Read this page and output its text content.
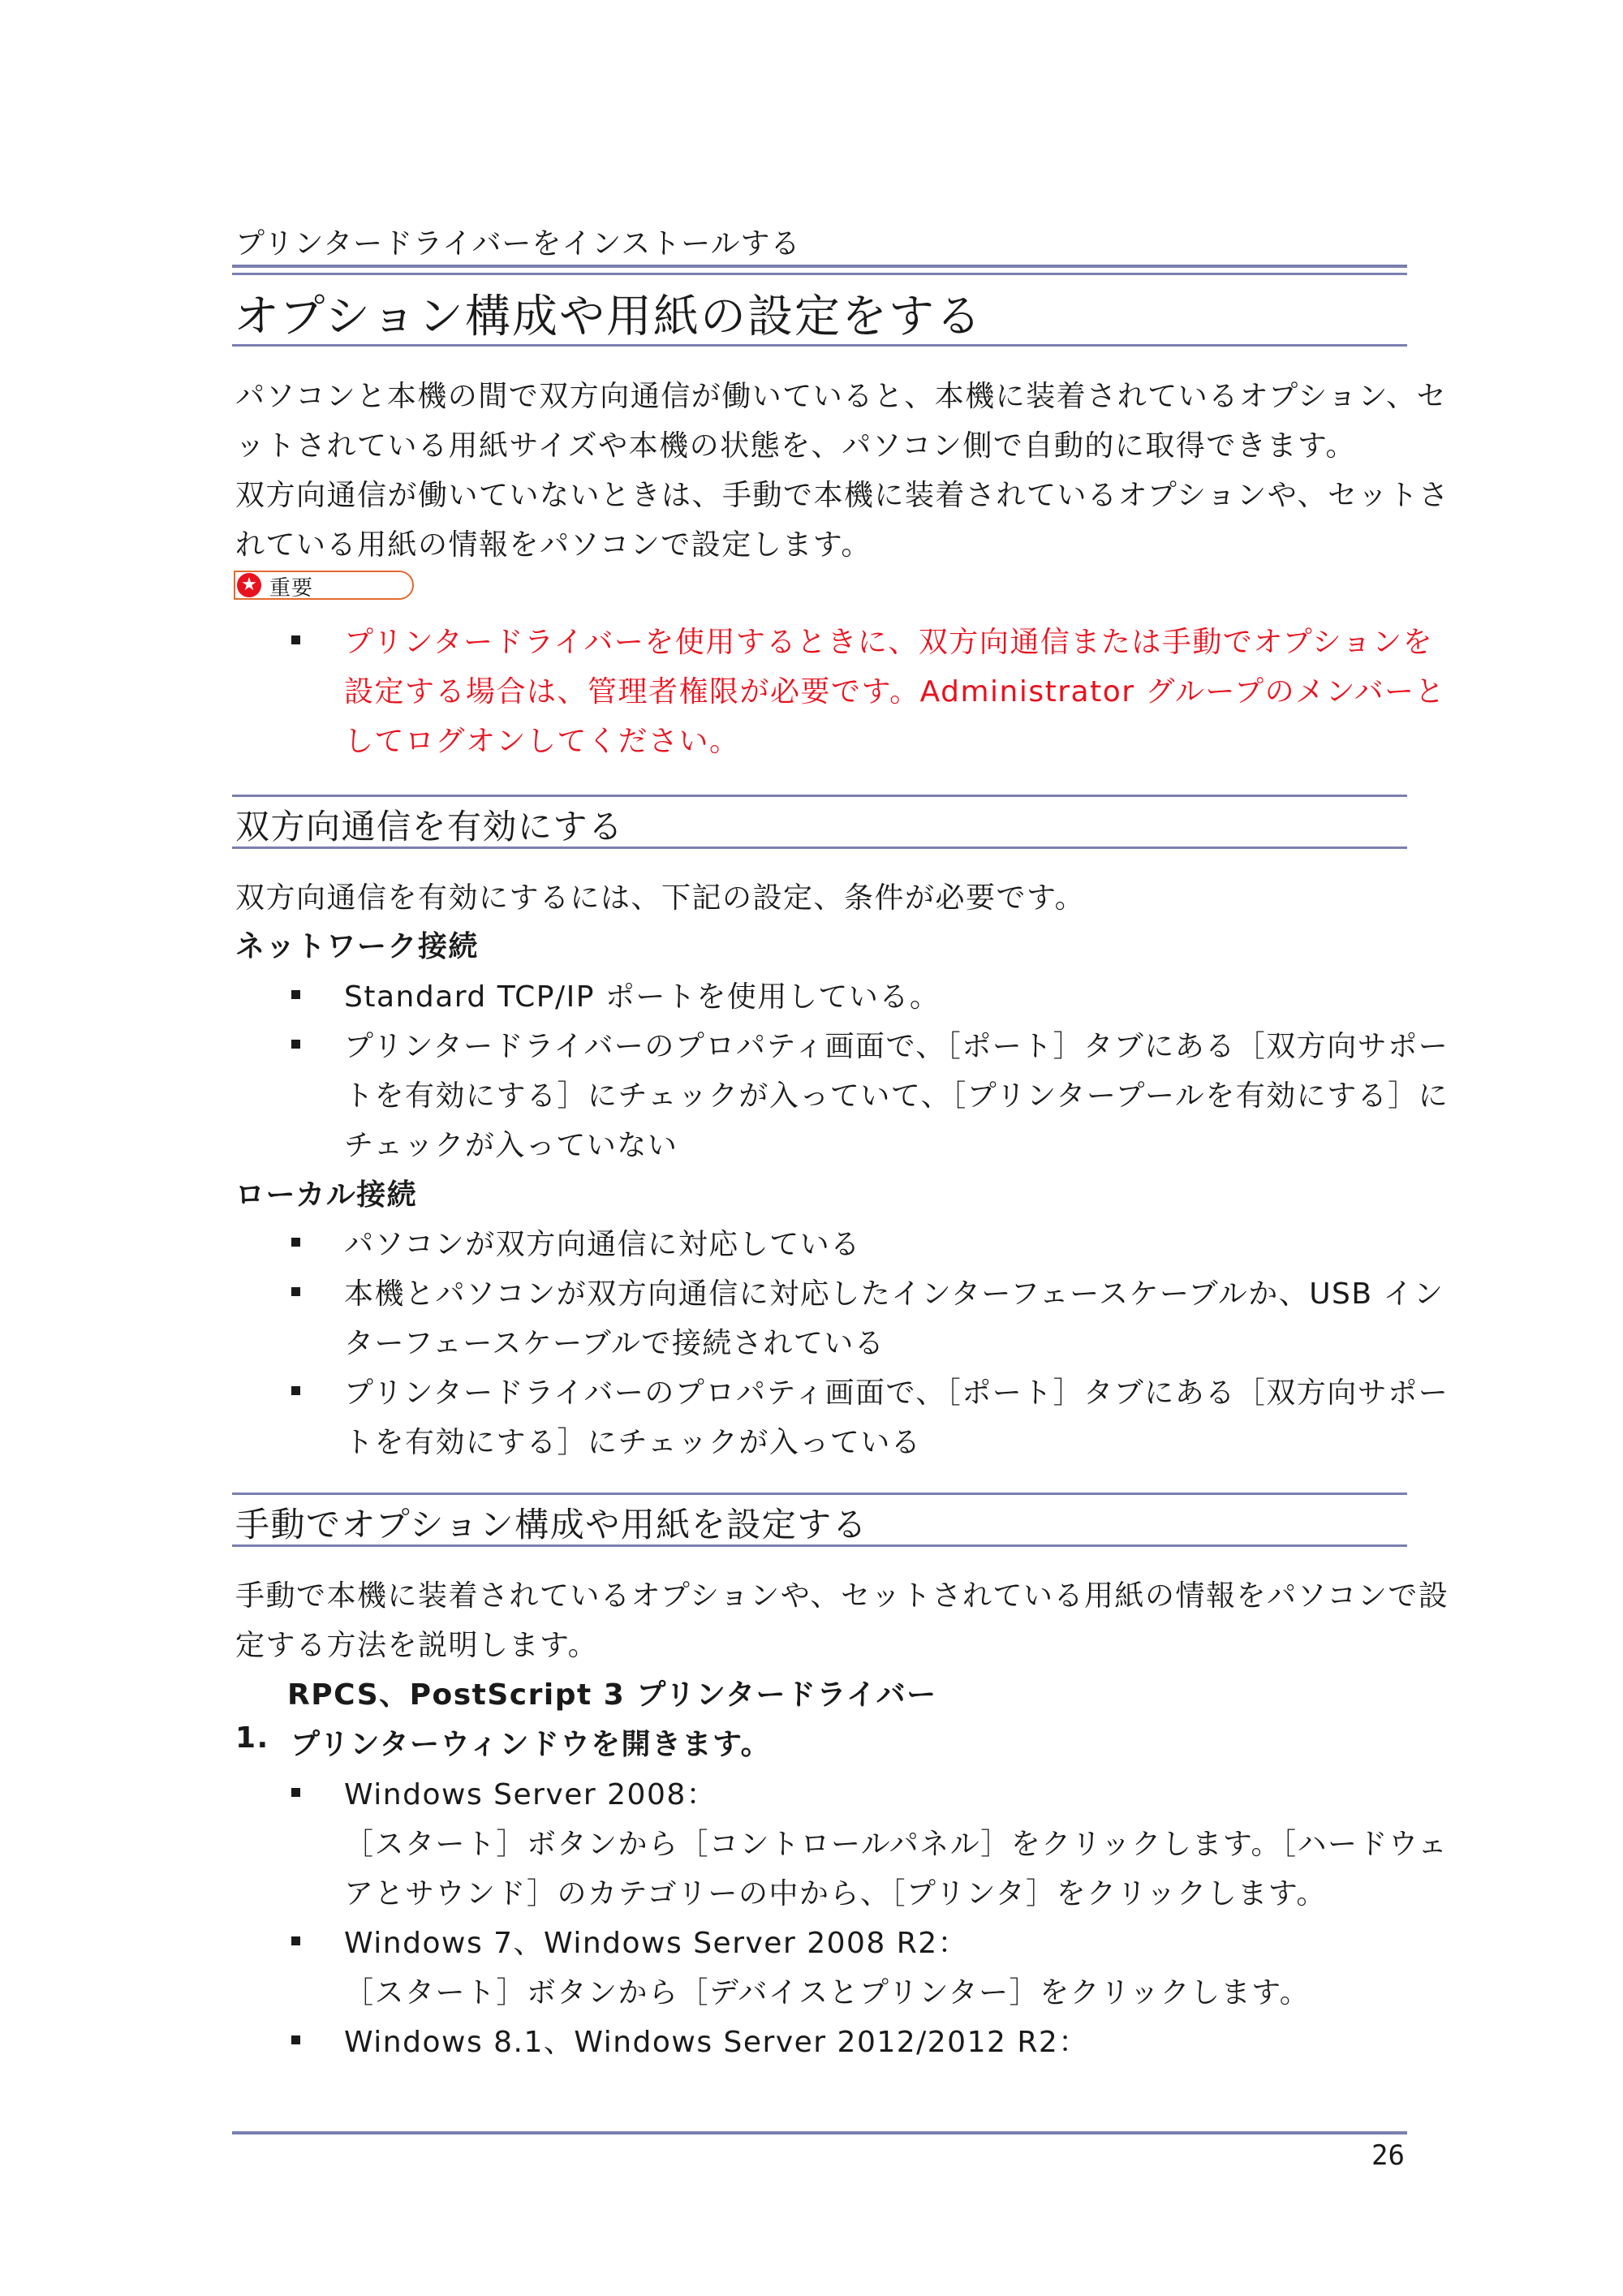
プリンタードライバーをインストールする
オプション構成や用紙の設定をする
パソコンと本機の間で双方向通信が働いていると、本機に装着されているオプション、セ
ットされている用紙サイズや本機の状態を、パソコン側で自動的に取得できます。
双方向通信が働いていないときは、手動で本機に装着されているオプションや、セットさ
れている用紙の情報をパソコンで設定します。
★ 重要
プリンタードライバーを使用するときに、双方向通信または手動でオプションを
設定する場合は、管理者権限が必要です。Administrator グループのメンバーと
してログオンしてください。
双方向通信を有効にする
双方向通信を有効にするには、下記の設定、条件が必要です。
ネットワーク接続
Standard TCP/IP ポートを使用している。
プリンタードライバーのプロパティ画面で、［ポート］タブにある［双方向サポー
トを有効にする］にチェックが入っていて、［プリンタープールを有効にする］に
チェックが入っていない
ローカル接続
パソコンが双方向通信に対応している
本機とパソコンが双方向通信に対応したインターフェースケーブルか、USB イン
ターフェースケーブルで接続されている
プリンタードライバーのプロパティ画面で、［ポート］タブにある［双方向サポー
トを有効にする］にチェックが入っている
手動でオプション構成や用紙を設定する
手動で本機に装着されているオプションや、セットされている用紙の情報をパソコンで設
定する方法を説明します。
RPCS、PostScript 3 プリンタードライバー
1. プリンターウィンドウを開きます。
Windows Server 2008：
［スタート］ボタンから［コントロールパネル］をクリックします。［ハードウェ
アとサウンド］のカテゴリーの中から、［プリンタ］をクリックします。
Windows 7、Windows Server 2008 R2：
［スタート］ボタンから［デバイスとプリンター］をクリックします。
Windows 8.1、Windows Server 2012/2012 R2：
26
